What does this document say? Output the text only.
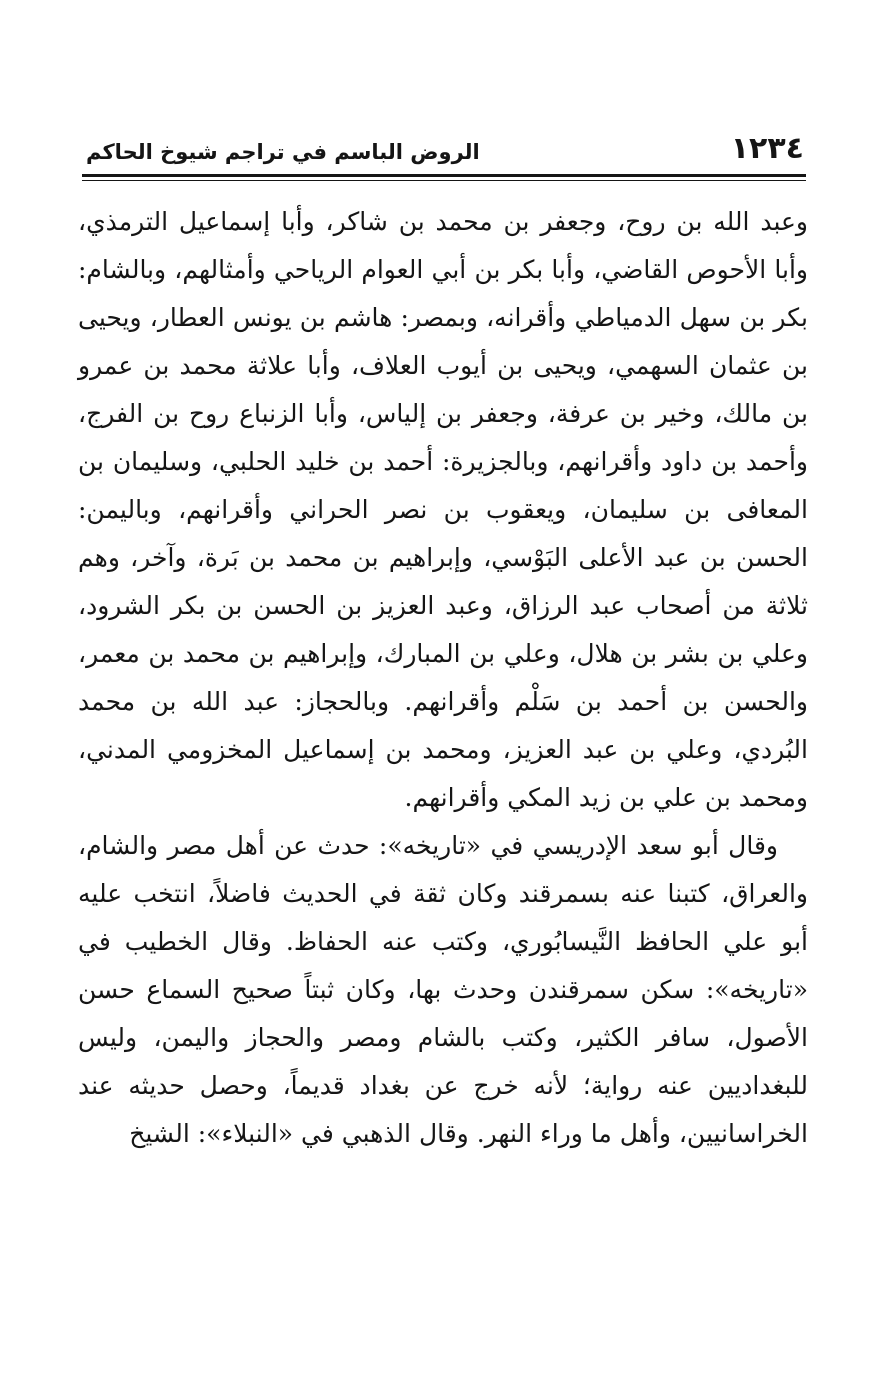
١٢٣٤
الروض الباسم في تراجم شيوخ الحاكم

وعبد الله بن روح، وجعفر بن محمد بن شاكر، وأبا إسماعيل الترمذي، وأبا الأحوص القاضي، وأبا بكر بن أبي العوام الرياحي وأمثالهم، وبالشام: بكر بن سهل الدمياطي وأقرانه، وبمصر: هاشم بن يونس العطار، ويحيى بن عثمان السهمي، ويحيى بن أيوب العلاف، وأبا علاثة محمد بن عمرو بن مالك، وخير بن عرفة، وجعفر بن إلياس، وأبا الزنباع روح بن الفرج، وأحمد بن داود وأقرانهم، وبالجزيرة: أحمد بن خليد الحلبي، وسليمان بن المعافى بن سليمان، ويعقوب بن نصر الحراني وأقرانهم، وباليمن: الحسن بن عبد الأعلى البَوْسي، وإبراهيم بن محمد بن بَرة، وآخر، وهم ثلاثة من أصحاب عبد الرزاق، وعبد العزيز بن الحسن بن بكر الشرود، وعلي بن بشر بن هلال، وعلي بن المبارك، وإبراهيم بن محمد بن معمر، والحسن بن أحمد بن سَلْم وأقرانهم. وبالحجاز: عبد الله بن محمد البُردي، وعلي بن عبد العزيز، ومحمد بن إسماعيل المخزومي المدني، ومحمد بن علي بن زيد المكي وأقرانهم.

وقال أبو سعد الإدريسي في «تاريخه»: حدث عن أهل مصر والشام، والعراق، كتبنا عنه بسمرقند وكان ثقة في الحديث فاضلاً، انتخب عليه أبو علي الحافظ النَّيسابُوري، وكتب عنه الحفاظ. وقال الخطيب في «تاريخه»: سكن سمرقندن وحدث بها، وكان ثبتاً صحيح السماع حسن الأصول، سافر الكثير، وكتب بالشام ومصر والحجاز واليمن، وليس للبغداديين عنه رواية؛ لأنه خرج عن بغداد قديماً، وحصل حديثه عند الخراسانيين، وأهل ما وراء النهر. وقال الذهبي في «النبلاء»: الشيخ
